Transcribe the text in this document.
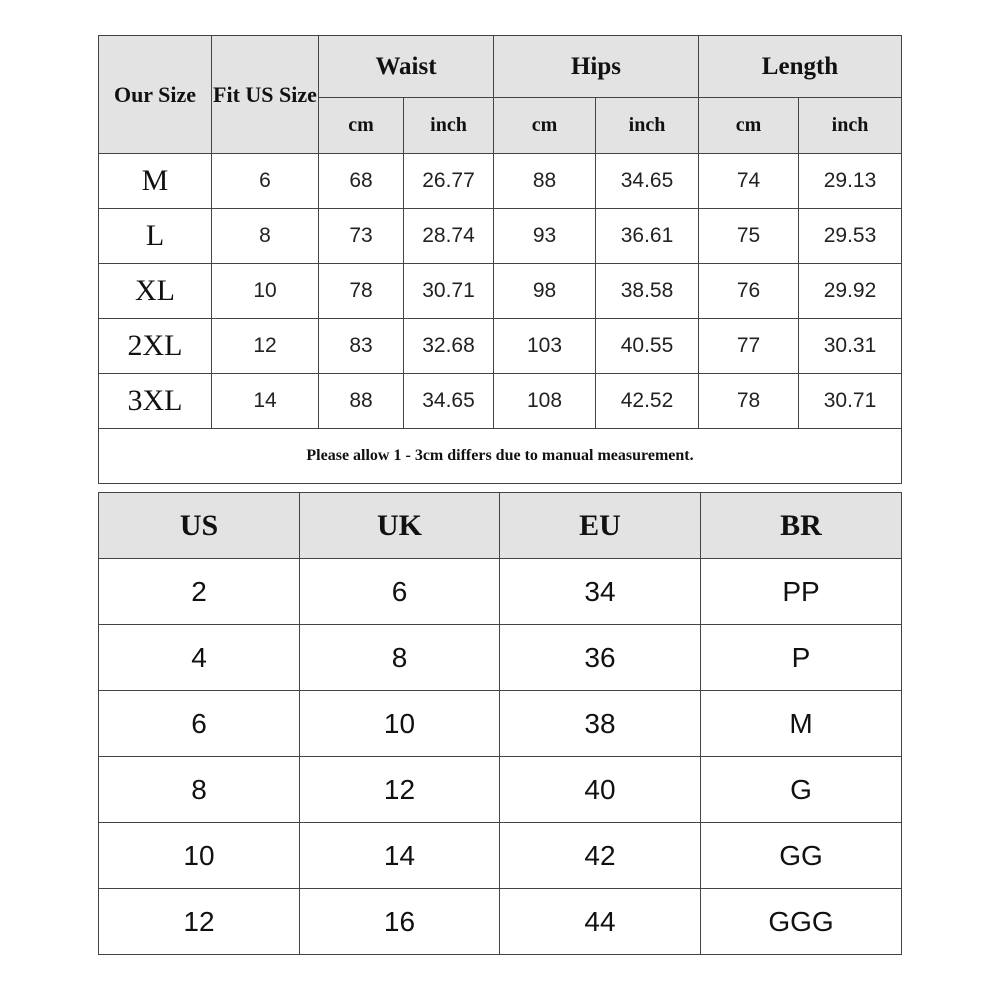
Our Size	Fit US Size	Waist		Hips		Length	
		cm	inch	cm	inch	cm	inch
M	6	68	26.77	88	34.65	74	29.13
L	8	73	28.74	93	36.61	75	29.53
XL	10	78	30.71	98	38.58	76	29.92
2XL	12	83	32.68	103	40.55	77	30.31
3XL	14	88	34.65	108	42.52	78	30.71
Please allow 1 - 3cm differs due to manual measurement.							
US	UK	EU	BR
2	6	34	PP
4	8	36	P
6	10	38	M
8	12	40	G
10	14	42	GG
12	16	44	GGG
